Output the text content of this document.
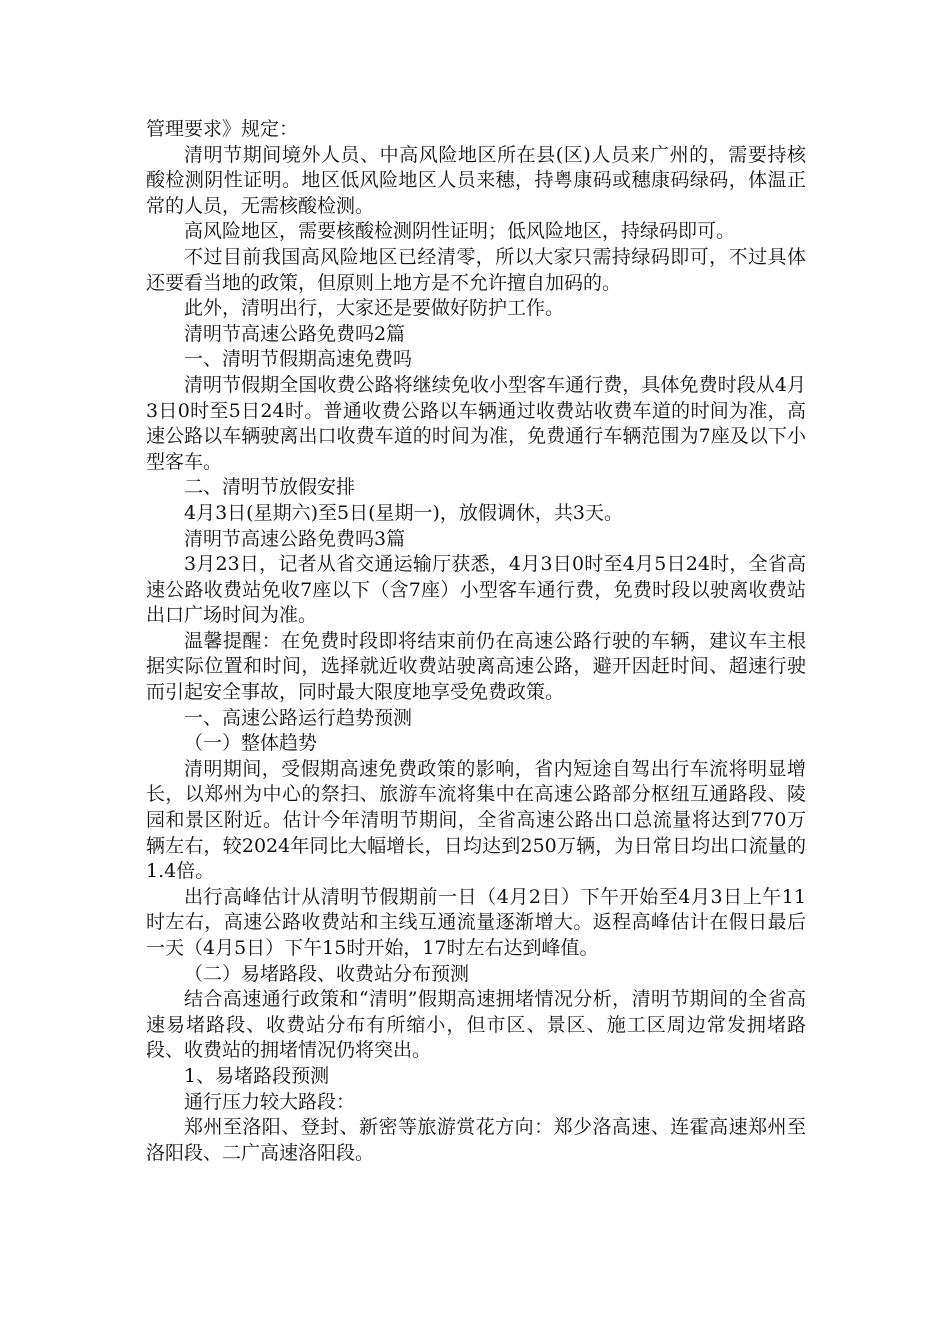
管理要求》规定：

清明节期间境外人员、中高风险地区所在县(区)人员来广州的，需要持核酸检测阴性证明。地区低风险地区人员来穗，持粤康码或穗康码绿码，体温正常的人员，无需核酸检测。

高风险地区，需要核酸检测阴性证明；低风险地区，持绿码即可。

不过目前我国高风险地区已经清零，所以大家只需持绿码即可，不过具体还要看当地的政策，但原则上地方是不允许擅自加码的。

此外，清明出行，大家还是要做好防护工作。

清明节高速公路免费吗2篇

一、清明节假期高速免费吗

清明节假期全国收费公路将继续免收小型客车通行费，具体免费时段从4月3日0时至5日24时。普通收费公路以车辆通过收费站收费车道的时间为准，高速公路以车辆驶离出口收费车道的时间为准，免费通行车辆范围为7座及以下小型客车。

二、清明节放假安排

4月3日(星期六)至5日(星期一)，放假调休，共3天。

清明节高速公路免费吗3篇

3月23日，记者从省交通运输厅获悉，4月3日0时至4月5日24时，全省高速公路收费站免收7座以下（含7座）小型客车通行费，免费时段以驶离收费站出口广场时间为准。

温馨提醒：在免费时段即将结束前仍在高速公路行驶的车辆，建议车主根据实际位置和时间，选择就近收费站驶离高速公路，避开因赶时间、超速行驶而引起安全事故，同时最大限度地享受免费政策。

一、高速公路运行趋势预测

（一）整体趋势

清明期间，受假期高速免费政策的影响，省内短途自驾出行车流将明显增长，以郑州为中心的祭扫、旅游车流将集中在高速公路部分枢纽互通路段、陵园和景区附近。估计今年清明节期间，全省高速公路出口总流量将达到770万辆左右，较2024年同比大幅增长，日均达到250万辆，为日常日均出口流量的1.4倍。

出行高峰估计从清明节假期前一日（4月2日）下午开始至4月3日上午11时左右，高速公路收费站和主线互通流量逐渐增大。返程高峰估计在假日最后一天（4月5日）下午15时开始，17时左右达到峰值。

（二）易堵路段、收费站分布预测

结合高速通行政策和“清明”假期高速拥堵情况分析，清明节期间的全省高速易堵路段、收费站分布有所缩小，但市区、景区、施工区周边常发拥堵路段、收费站的拥堵情况仍将突出。

1、易堵路段预测

通行压力较大路段：

郑州至洛阳、登封、新密等旅游赏花方向：郑少洛高速、连霍高速郑州至洛阳段、二广高速洛阳段。
